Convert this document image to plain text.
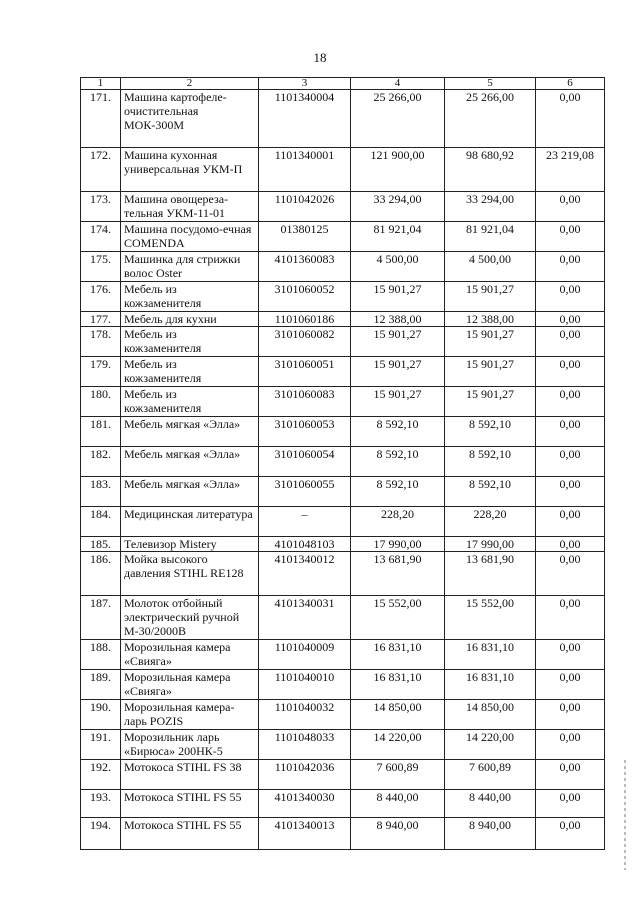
18
1	2	3	4	5	6
171.	Машина картофеле-очистительная МОК-300М	1101340004	25 266,00	25 266,00	0,00
172.	Машина кухонная универсальная УКМ-П	1101340001	121 900,00	98 680,92	23 219,08
173.	Машина овощереза-тельная УКМ-11-01	1101042026	33 294,00	33 294,00	0,00
174.	Машина посудомо-ечная COMENDA	01380125	81 921,04	81 921,04	0,00
175.	Машинка для стрижки волос Oster	4101360083	4 500,00	4 500,00	0,00
176.	Мебель из кожзаменителя	3101060052	15 901,27	15 901,27	0,00
177.	Мебель для кухни	1101060186	12 388,00	12 388,00	0,00
178.	Мебель из кожзаменителя	3101060082	15 901,27	15 901,27	0,00
179.	Мебель из кожзаменителя	3101060051	15 901,27	15 901,27	0,00
180.	Мебель из кожзаменителя	3101060083	15 901,27	15 901,27	0,00
181.	Мебель мягкая «Элла»	3101060053	8 592,10	8 592,10	0,00
182.	Мебель мягкая «Элла»	3101060054	8 592,10	8 592,10	0,00
183.	Мебель мягкая «Элла»	3101060055	8 592,10	8 592,10	0,00
184.	Медицинская литература	–	228,20	228,20	0,00
185.	Телевизор Mistery	4101048103	17 990,00	17 990,00	0,00
186.	Мойка высокого давления STIHL RE128	4101340012	13 681,90	13 681,90	0,00
187.	Молоток отбойный электрический ручной М-30/2000В	4101340031	15 552,00	15 552,00	0,00
188.	Морозильная камера «Свияга»	1101040009	16 831,10	16 831,10	0,00
189.	Морозильная камера «Свияга»	1101040010	16 831,10	16 831,10	0,00
190.	Морозильная камера-ларь POZIS	1101040032	14 850,00	14 850,00	0,00
191.	Морозильник ларь «Бирюса» 200НК-5	1101048033	14 220,00	14 220,00	0,00
192.	Мотокоса STIHL FS 38	1101042036	7 600,89	7 600,89	0,00
193.	Мотокоса STIHL FS 55	4101340030	8 440,00	8 440,00	0,00
194.	Мотокоса STIHL FS 55	4101340013	8 940,00	8 940,00	0,00
